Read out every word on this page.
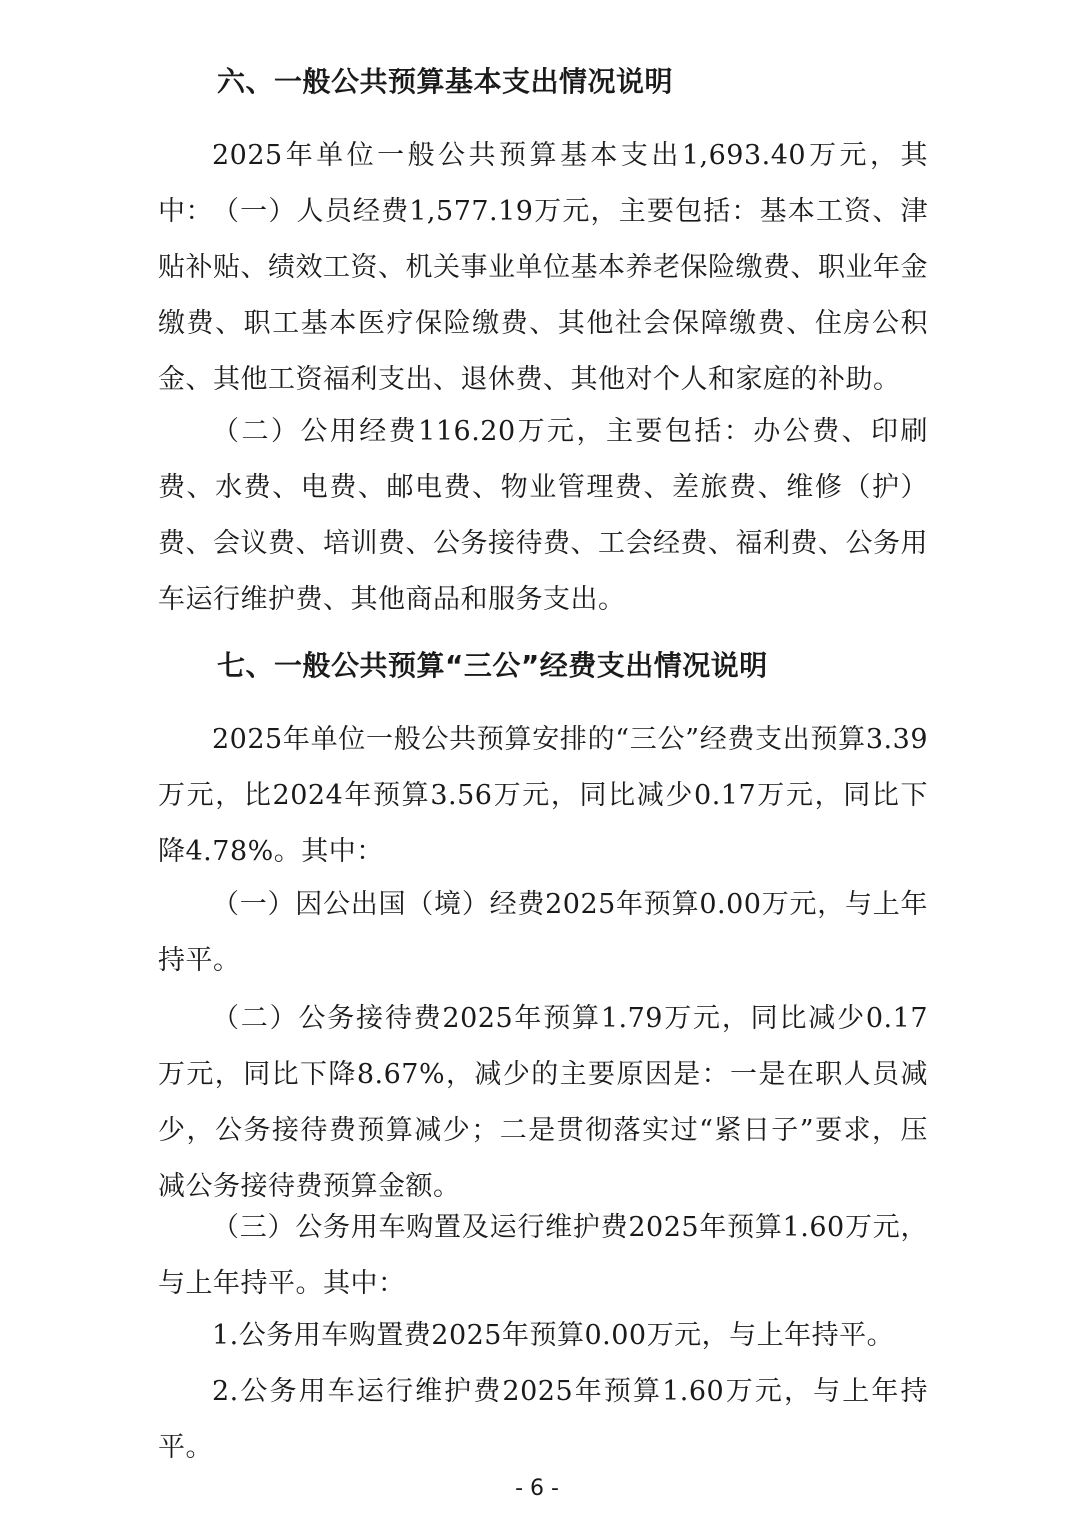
六、一般公共预算基本支出情况说明

2025年单位一般公共预算基本支出1,693.40万元，其中： （一）人员经费1,577.19万元，主要包括：基本工资、津贴补贴、绩效工资、机关事业单位基本养老保险缴费、职业年金缴费、职工基本医疗保险缴费、其他社会保障缴费、住房公积金、其他工资福利支出、退休费、其他对个人和家庭的补助。

（二）公用经费116.20万元，主要包括：办公费、印刷费、水费、电费、邮电费、物业管理费、差旅费、维修（护）费、会议费、培训费、公务接待费、工会经费、福利费、公务用车运行维护费、其他商品和服务支出。

七、一般公共预算“三公”经费支出情况说明

2025年单位一般公共预算安排的“三公”经费支出预算3.39万元，比2024年预算3.56万元，同比减少0.17万元，同比下降4.78%。其中：

（一）因公出国（境）经费2025年预算0.00万元，与上年持平。

（二）公务接待费2025年预算1.79万元，同比减少0.17万元，同比下降8.67%，减少的主要原因是：一是在职人员减少，公务接待费预算减少；二是贯彻落实过“紧日子”要求，压减公务接待费预算金额。

（三）公务用车购置及运行维护费2025年预算1.60万元，与上年持平。其中：

1.公务用车购置费2025年预算0.00万元，与上年持平。

2.公务用车运行维护费2025年预算1.60万元，与上年持平。

- 6 -
